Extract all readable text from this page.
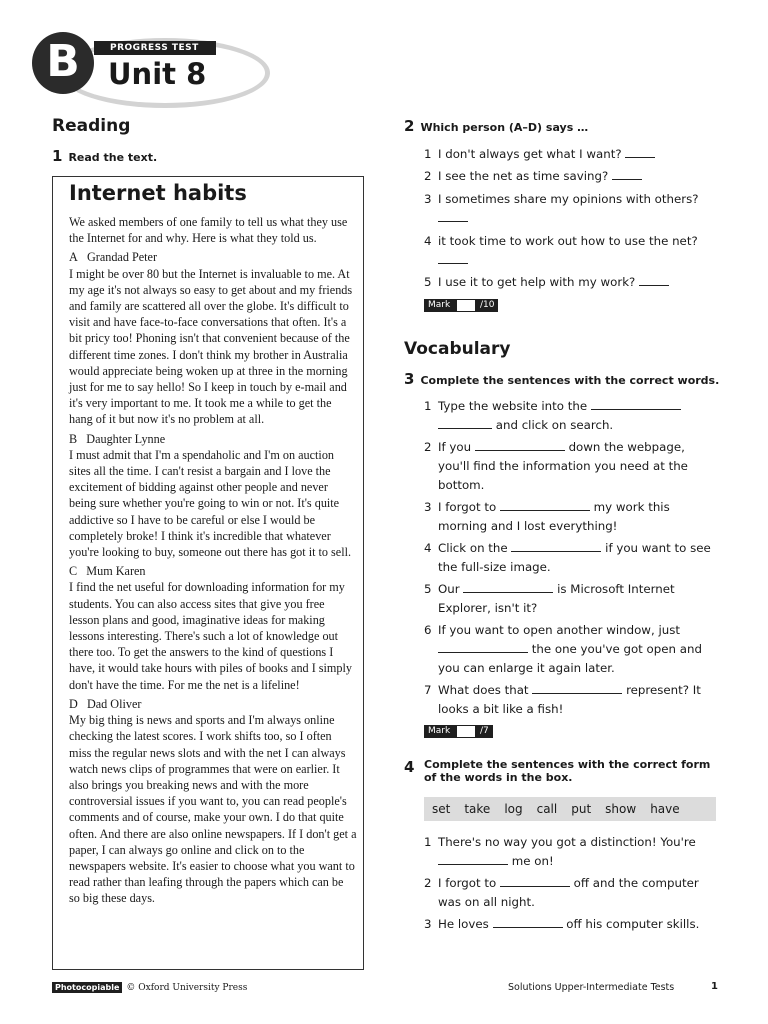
B	PROGRESS TEST
Unit 8
Reading
1 Read the text.
Internet habits

We asked members of one family to tell us what they use the Internet for and why. Here is what they told us.

A Grandad Peter

I might be over 80 but the Internet is invaluable to me. At my age it's not always so easy to get about and my friends and family are scattered all over the globe. It's difficult to visit and have face-to-face conversations that often. It's a bit pricy too! Phoning isn't that convenient because of the different time zones. I don't think my brother in Australia would appreciate being woken up at three in the morning just for me to say hello! So I keep in touch by e-mail and it's very important to me. It took me a while to get the hang of it but now it's no problem at all.

B Daughter Lynne

I must admit that I'm a spendaholic and I'm on auction sites all the time. I can't resist a bargain and I love the excitement of bidding against other people and never being sure whether you're going to win or not. It's quite addictive so I have to be careful or else I would be completely broke! I think it's incredible that whatever you're looking to buy, someone out there has got it to sell.

C Mum Karen

I find the net useful for downloading information for my students. You can also access sites that give you free lesson plans and good, imaginative ideas for making lessons interesting. There's such a lot of knowledge out there too. To get the answers to the kind of questions I have, it would take hours with piles of books and I simply don't have the time. For me the net is a lifeline!

D Dad Oliver

My big thing is news and sports and I'm always online checking the latest scores. I work shifts too, so I often miss the regular news slots and with the net I can always watch news clips of programmes that were on earlier. It also brings you breaking news and with the more controversial issues if you want to, you can read people's comments and of course, make your own. I do that quite often. And there are also online newspapers. If I don't get a paper, I can always go online and click on to the newspapers website. It's easier to choose what you want to read rather than leafing through the papers which can be so big these days.

2 Which person (A–D) says …
1 I don't always get what I want?
2 I see the net as time saving?
3 I sometimes share my opinions with others?

4 it took time to work out how to use the net?

5 I use it to get help with my work?
Mark	/10
Vocabulary
3 Complete the sentences with the correct words.
1 Type the website into the
and click on search.
2 If you	down the webpage, you'll find the information you need at the bottom.
3 I forgot to	my work this morning and I lost everything!
4 Click on the	if you want to see the full-size image.
5 Our	is Microsoft Internet Explorer, isn't it?
6 If you want to open another window, just
the one you've got open and you can enlarge it again later.
7 What does that	represent? It looks a bit like a fish!
Mark	/7
4 Complete the sentences with the correct form of the words in the box.
set take log call put show have
1 There's no way you got a distinction! You're
me on!
2 I forgot to	off and the computer was on all night.
3 He loves	off his computer skills.
Photocopiable © Oxford University Press	Solutions Upper-Intermediate Tests	1
